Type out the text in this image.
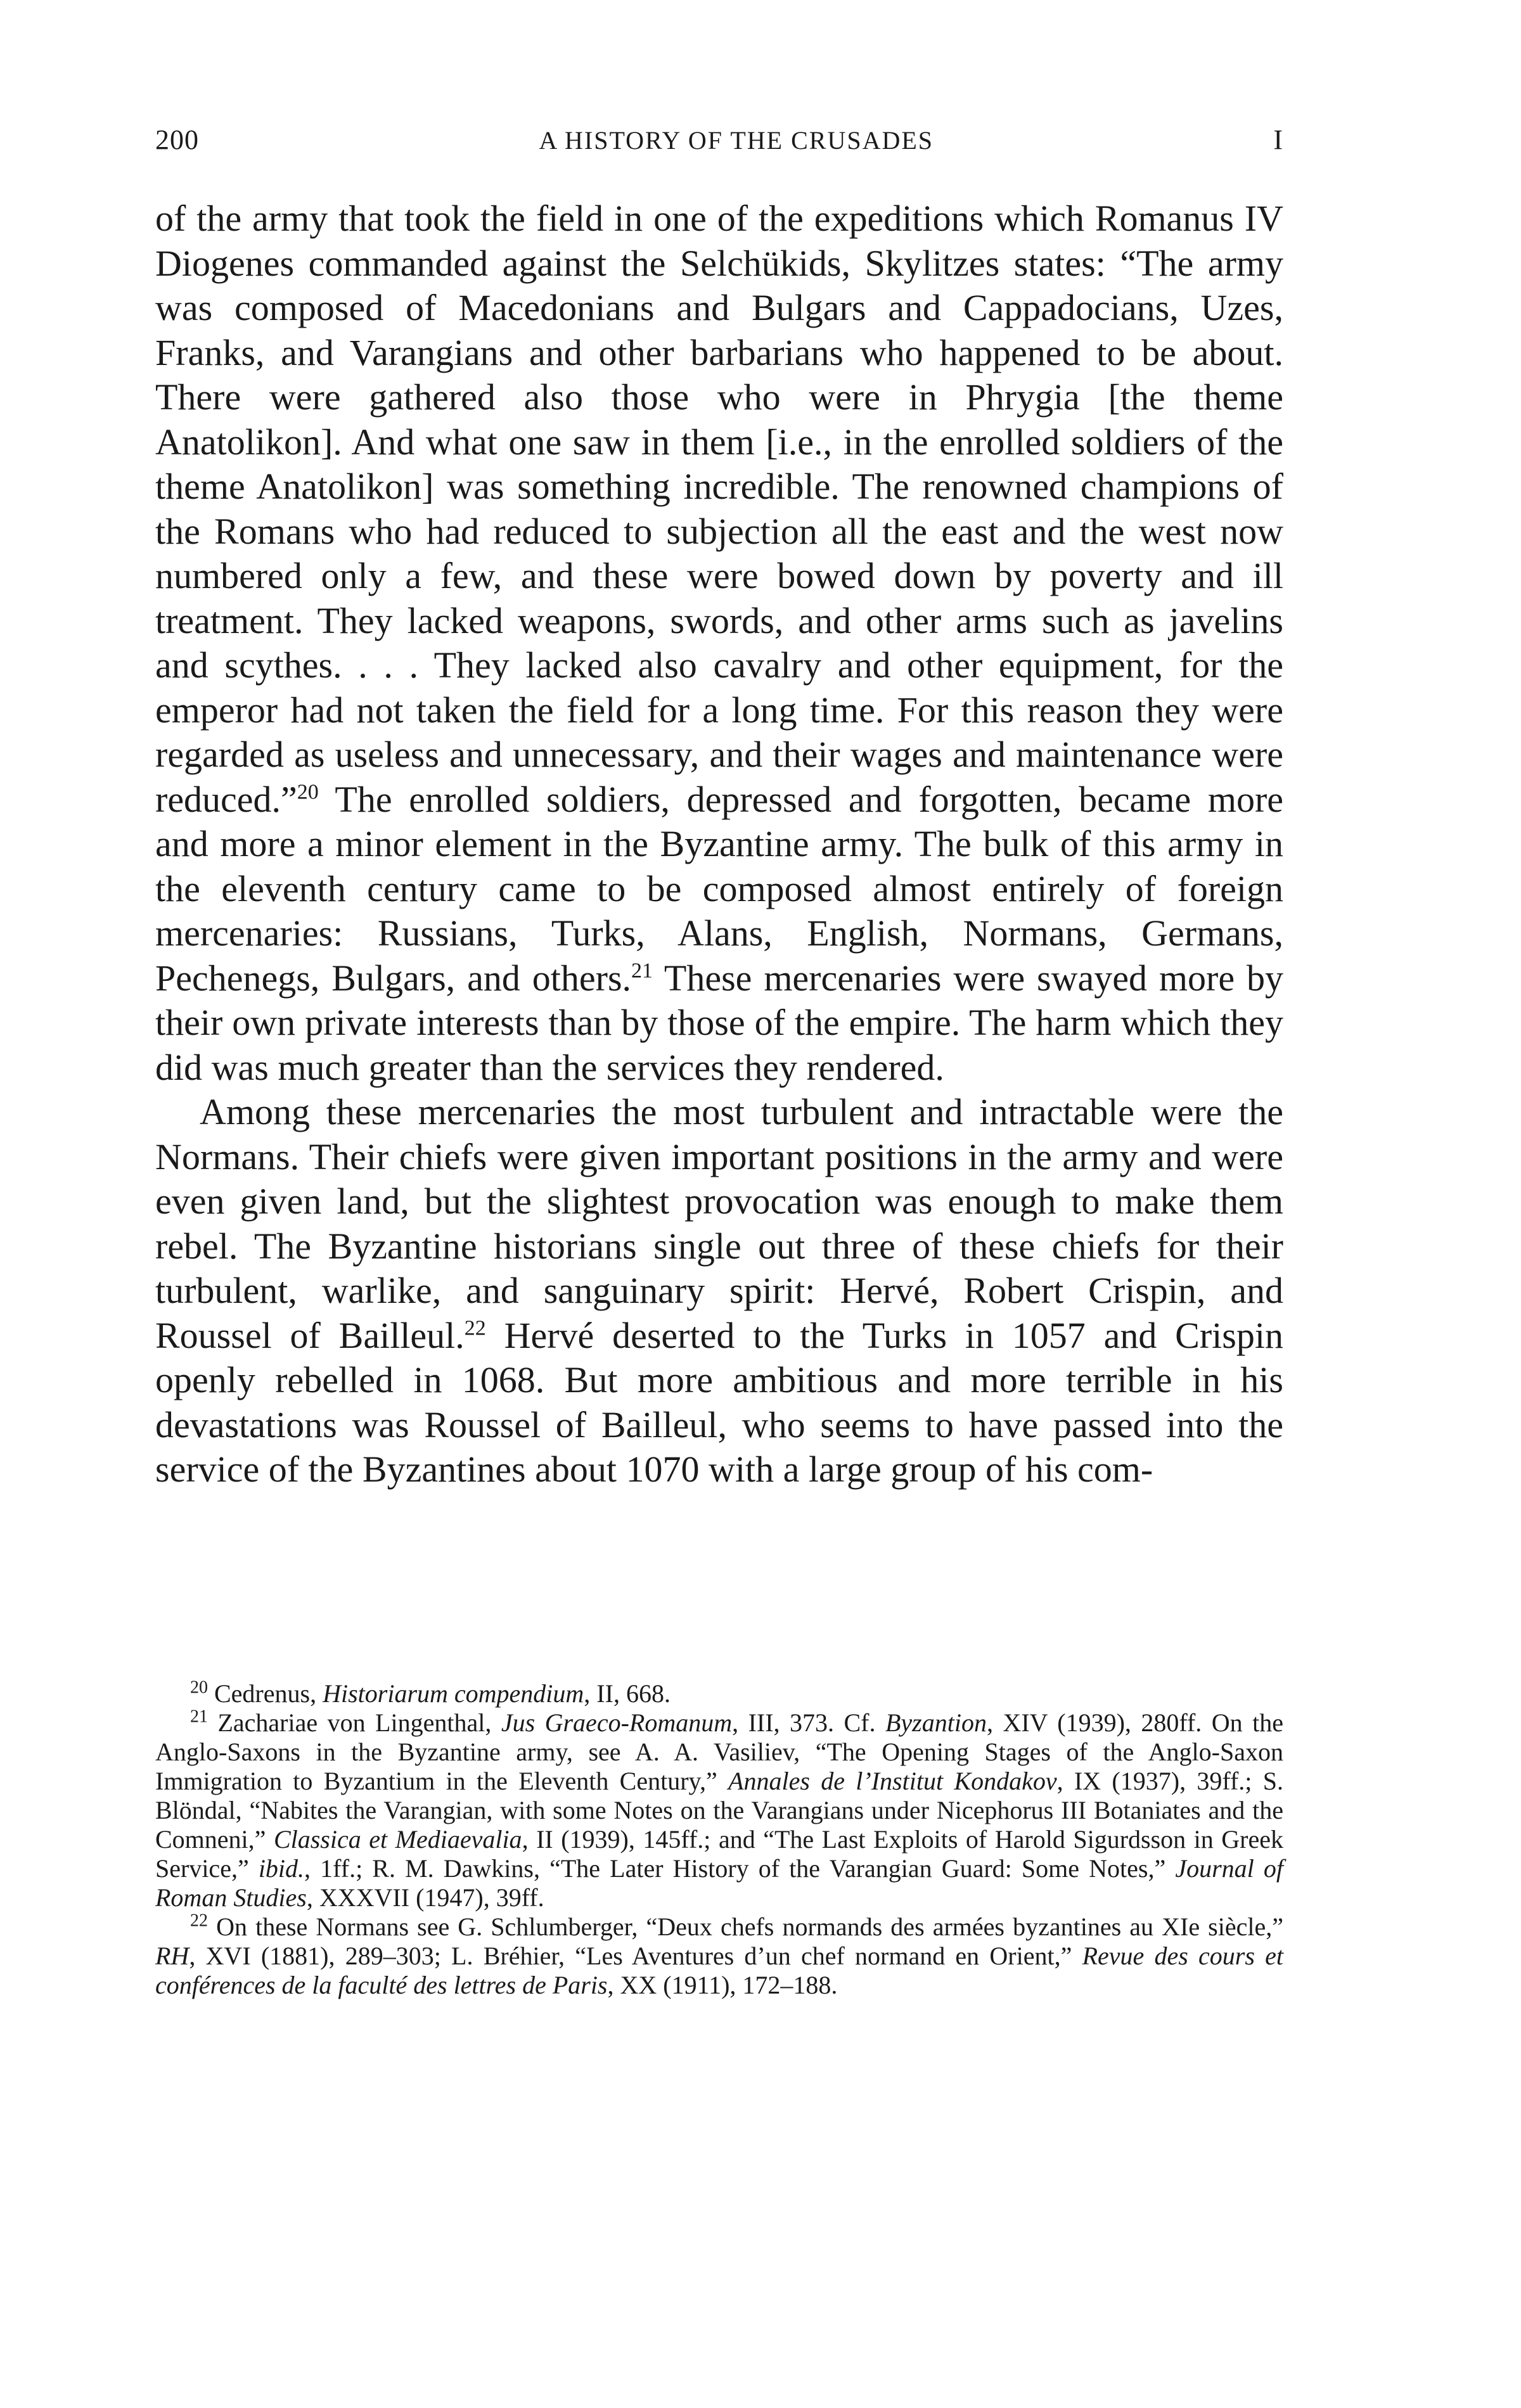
200	A HISTORY OF THE CRUSADES	I

of the army that took the field in one of the expeditions which Romanus IV Diogenes commanded against the Selchükids, Skylitzes states: “The army was composed of Macedonians and Bulgars and Cappadocians, Uzes, Franks, and Varangians and other barbarians who happened to be about. There were gathered also those who were in Phrygia [the theme Anatolikon]. And what one saw in them [i.e., in the enrolled soldiers of the theme Anatolikon] was something incredible. The renowned champions of the Romans who had reduced to subjection all the east and the west now numbered only a few, and these were bowed down by poverty and ill treatment. They lacked weapons, swords, and other arms such as javelins and scythes. . . . They lacked also cavalry and other equipment, for the emperor had not taken the field for a long time. For this reason they were regarded as useless and unnecessary, and their wages and maintenance were reduced.”$^{20}$ The enrolled soldiers, depressed and forgotten, became more and more a minor element in the Byzantine army. The bulk of this army in the eleventh century came to be composed almost entirely of foreign mercenaries: Russians, Turks, Alans, English, Normans, Germans, Pechenegs, Bulgars, and others.$^{21}$ These mercenaries were swayed more by their own private interests than by those of the empire. The harm which they did was much greater than the services they rendered.

Among these mercenaries the most turbulent and intractable were the Normans. Their chiefs were given important positions in the army and were even given land, but the slightest provocation was enough to make them rebel. The Byzantine historians single out three of these chiefs for their turbulent, warlike, and sanguinary spirit: Hervé, Robert Crispin, and Roussel of Bailleul.$^{22}$ Hervé deserted to the Turks in 1057 and Crispin openly rebelled in 1068. But more ambitious and more terrible in his devastations was Roussel of Bailleul, who seems to have passed into the service of the Byzantines about 1070 with a large group of his com-

$^{20}$ Cedrenus, Historiarum compendium, II, 668.

$^{21}$ Zachariae von Lingenthal, Jus Graeco-Romanum, III, 373. Cf. Byzantion, XIV (1939), 280ff. On the Anglo-Saxons in the Byzantine army, see A. A. Vasiliev, “The Opening Stages of the Anglo-Saxon Immigration to Byzantium in the Eleventh Century,” Annales de l’Institut Kondakov, IX (1937), 39ff.; S. Blöndal, “Nabites the Varangian, with some Notes on the Varangians under Nicephorus III Botaniates and the Comneni,” Classica et Mediaevalia, II (1939), 145ff.; and “The Last Exploits of Harold Sigurdsson in Greek Service,” ibid., 1ff.; R. M. Dawkins, “The Later History of the Varangian Guard: Some Notes,” Journal of Roman Studies, XXXVII (1947), 39ff.

$^{22}$ On these Normans see G. Schlumberger, “Deux chefs normands des armées byzantines au XIe siècle,” RH, XVI (1881), 289–303; L. Bréhier, “Les Aventures d’un chef normand en Orient,” Revue des cours et conférences de la faculté des lettres de Paris, XX (1911), 172–188.
